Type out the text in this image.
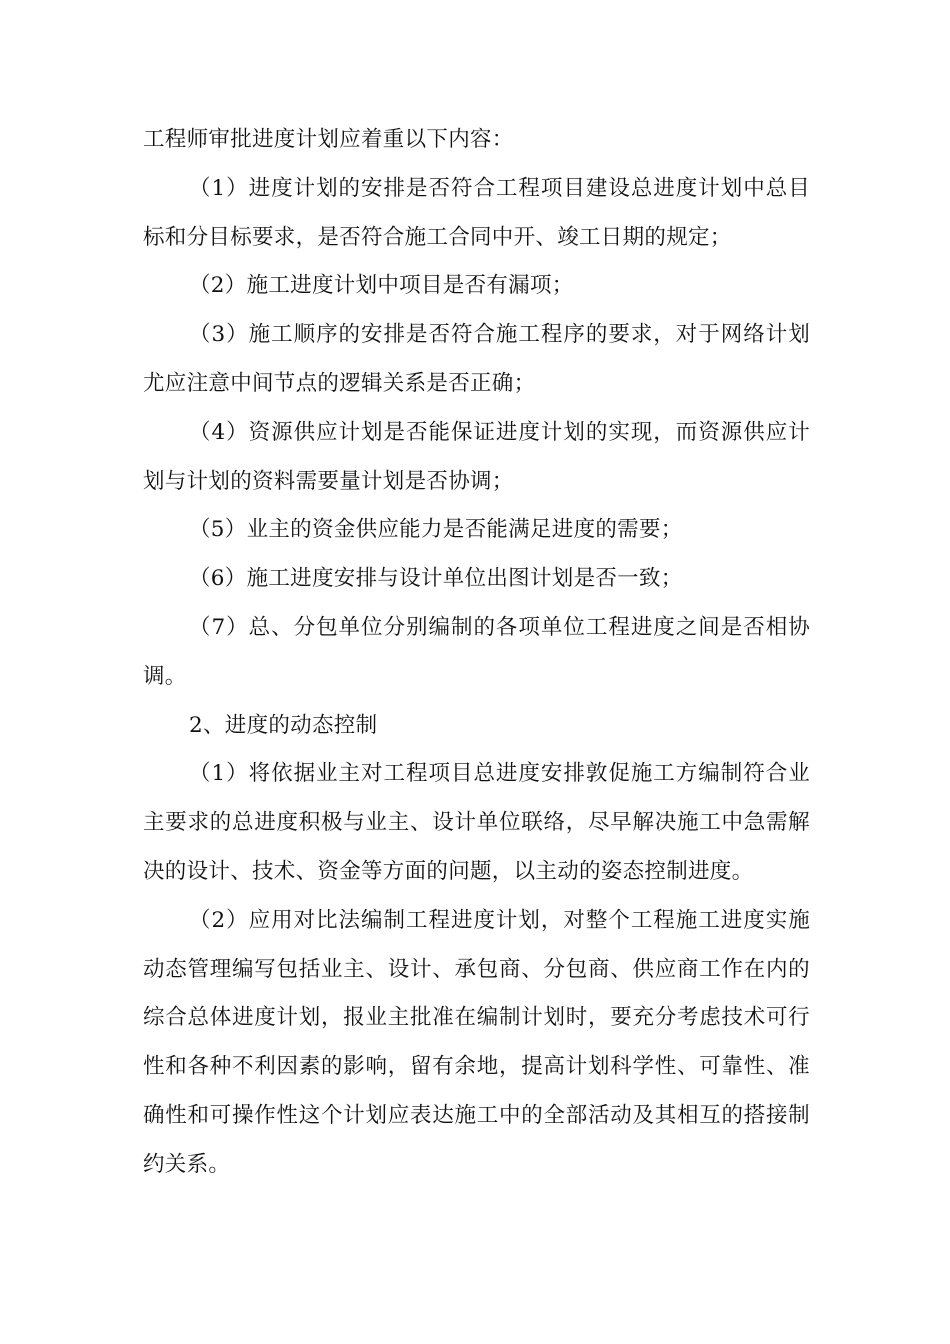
工程师审批进度计划应着重以下内容：

（1）进度计划的安排是否符合工程项目建设总进度计划中总目标和分目标要求，是否符合施工合同中开、竣工日期的规定；

（2）施工进度计划中项目是否有漏项；

（3）施工顺序的安排是否符合施工程序的要求，对于网络计划尤应注意中间节点的逻辑关系是否正确；

（4）资源供应计划是否能保证进度计划的实现，而资源供应计划与计划的资料需要量计划是否协调；

（5）业主的资金供应能力是否能满足进度的需要；

（6）施工进度安排与设计单位出图计划是否一致；

（7）总、分包单位分别编制的各项单位工程进度之间是否相协调。

2、进度的动态控制

（1）将依据业主对工程项目总进度安排敦促施工方编制符合业主要求的总进度积极与业主、设计单位联络，尽早解决施工中急需解决的设计、技术、资金等方面的问题，以主动的姿态控制进度。

（2）应用对比法编制工程进度计划，对整个工程施工进度实施动态管理编写包括业主、设计、承包商、分包商、供应商工作在内的综合总体进度计划，报业主批准在编制计划时，要充分考虑技术可行性和各种不利因素的影响，留有余地，提高计划科学性、可靠性、准确性和可操作性这个计划应表达施工中的全部活动及其相互的搭接制约关系。
